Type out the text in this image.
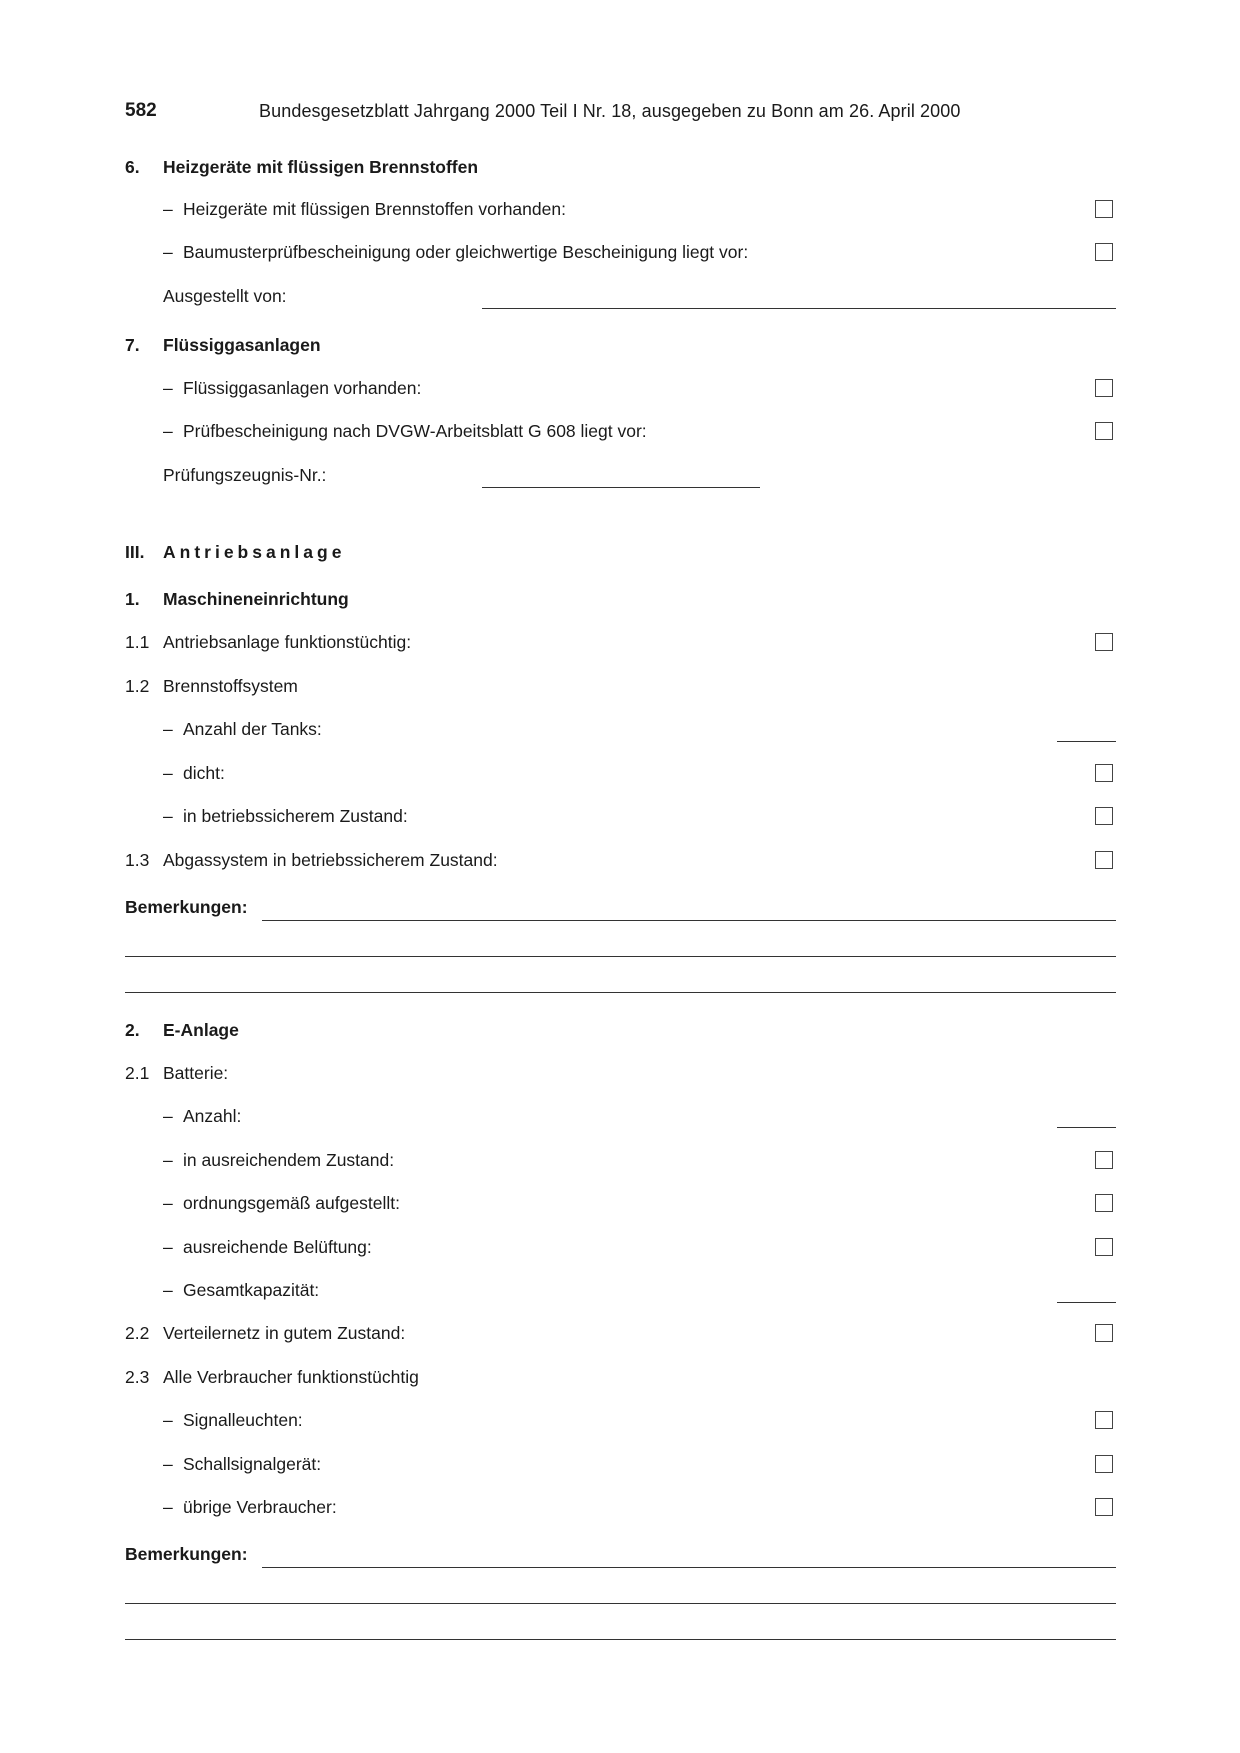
582	Bundesgesetzblatt Jahrgang 2000 Teil I Nr. 18, ausgegeben zu Bonn am 26. April 2000
6. Heizgeräte mit flüssigen Brennstoffen
– Heizgeräte mit flüssigen Brennstoffen vorhanden:
– Baumusterprüfbescheinigung oder gleichwertige Bescheinigung liegt vor:
Ausgestellt von:
7. Flüssiggasanlagen
– Flüssiggasanlagen vorhanden:
– Prüfbescheinigung nach DVGW-Arbeitsblatt G 608 liegt vor:
Prüfungszeugnis-Nr.:
III. Antriebsanlage
1. Maschineneinrichtung
1.1 Antriebsanlage funktionstüchtig:
1.2 Brennstoffsystem
– Anzahl der Tanks:
– dicht:
– in betriebssicherem Zustand:
1.3 Abgassystem in betriebssicherem Zustand:
Bemerkungen:
2. E-Anlage
2.1 Batterie:
– Anzahl:
– in ausreichendem Zustand:
– ordnungsgemäß aufgestellt:
– ausreichende Belüftung:
– Gesamtkapazität:
2.2 Verteilernetz in gutem Zustand:
2.3 Alle Verbraucher funktionstüchtig
– Signalleuchten:
– Schallsignalgerät:
– übrige Verbraucher:
Bemerkungen:
